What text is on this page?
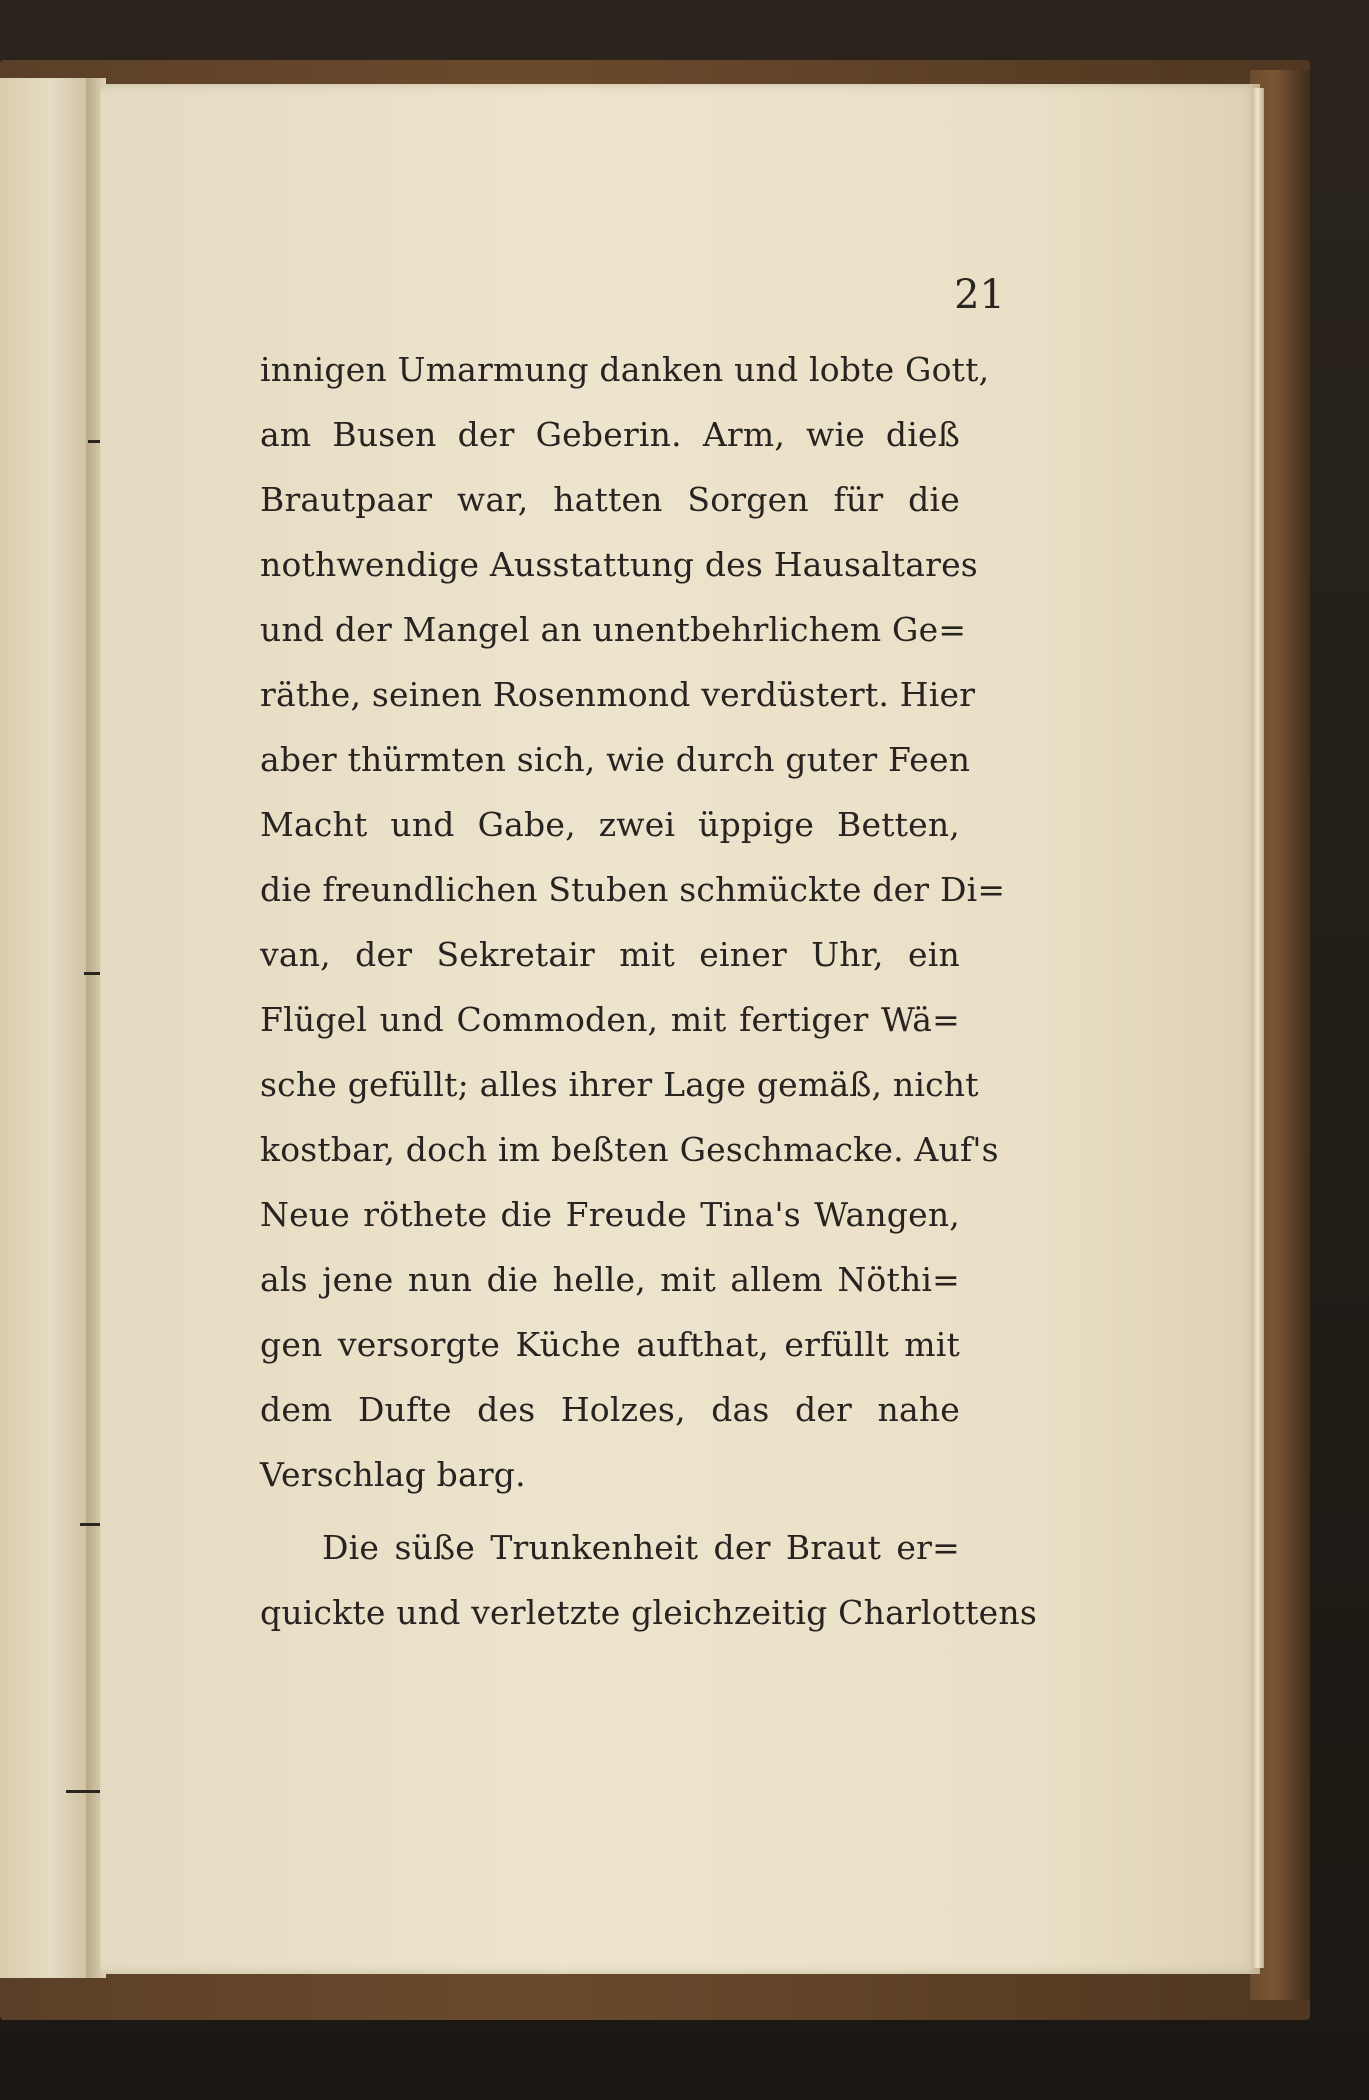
21
innigen Umarmung danken und lobte Gott,
am Busen der Geberin. Arm, wie dieß
Brautpaar war, hatten Sorgen für die
nothwendige Ausstattung des Hausaltares
und der Mangel an unentbehrlichem Ge=
räthe, seinen Rosenmond verdüstert. Hier
aber thürmten sich, wie durch guter Feen
Macht und Gabe, zwei üppige Betten,
die freundlichen Stuben schmückte der Di=
van, der Sekretair mit einer Uhr, ein
Flügel und Commoden, mit fertiger Wä=
sche gefüllt; alles ihrer Lage gemäß, nicht
kostbar, doch im beßten Geschmacke. Auf's
Neue röthete die Freude Tina's Wangen,
als jene nun die helle, mit allem Nöthi=
gen versorgte Küche aufthat, erfüllt mit
dem Dufte des Holzes, das der nahe
Verschlag barg.
Die süße Trunkenheit der Braut er=
quickte und verletzte gleichzeitig Charlottens
